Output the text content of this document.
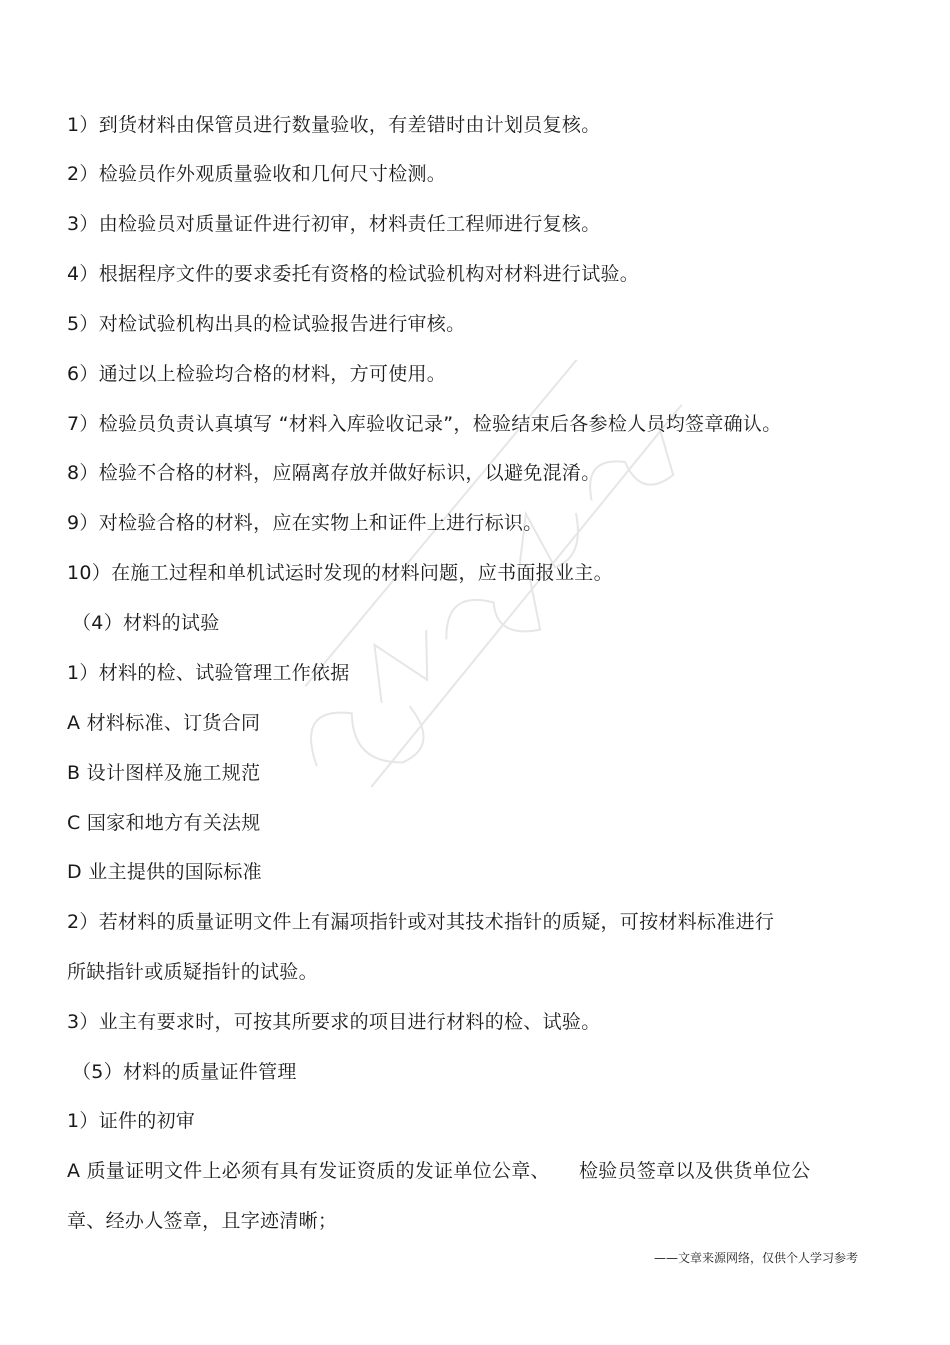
1）到货材料由保管员进行数量验收，有差错时由计划员复核。
2）检验员作外观质量验收和几何尺寸检测。
3）由检验员对质量证件进行初审，材料责任工程师进行复核。
4）根据程序文件的要求委托有资格的检试验机构对材料进行试验。
5）对检试验机构出具的检试验报告进行审核。
6）通过以上检验均合格的材料，方可使用。
7）检验员负责认真填写 “材料入库验收记录”，检验结束后各参检人员均签章确认。
8）检验不合格的材料，应隔离存放并做好标识，以避免混淆。
9）对检验合格的材料，应在实物上和证件上进行标识。
10）在施工过程和单机试运时发现的材料问题，应书面报业主。
（4）材料的试验
1）材料的检、试验管理工作依据
A 材料标准、订货合同
B 设计图样及施工规范
C 国家和地方有关法规
D 业主提供的国际标准
2）若材料的质量证明文件上有漏项指针或对其技术指针的质疑，可按材料标准进行
所缺指针或质疑指针的试验。
3）业主有要求时，可按其所要求的项目进行材料的检、试验。
（5）材料的质量证件管理
1）证件的初审
A 质量证明文件上必须有具有发证资质的发证单位公章、　　检验员签章以及供货单位公
章、经办人签章，且字迹清晰；
——文章来源网络，仅供个人学习参考
